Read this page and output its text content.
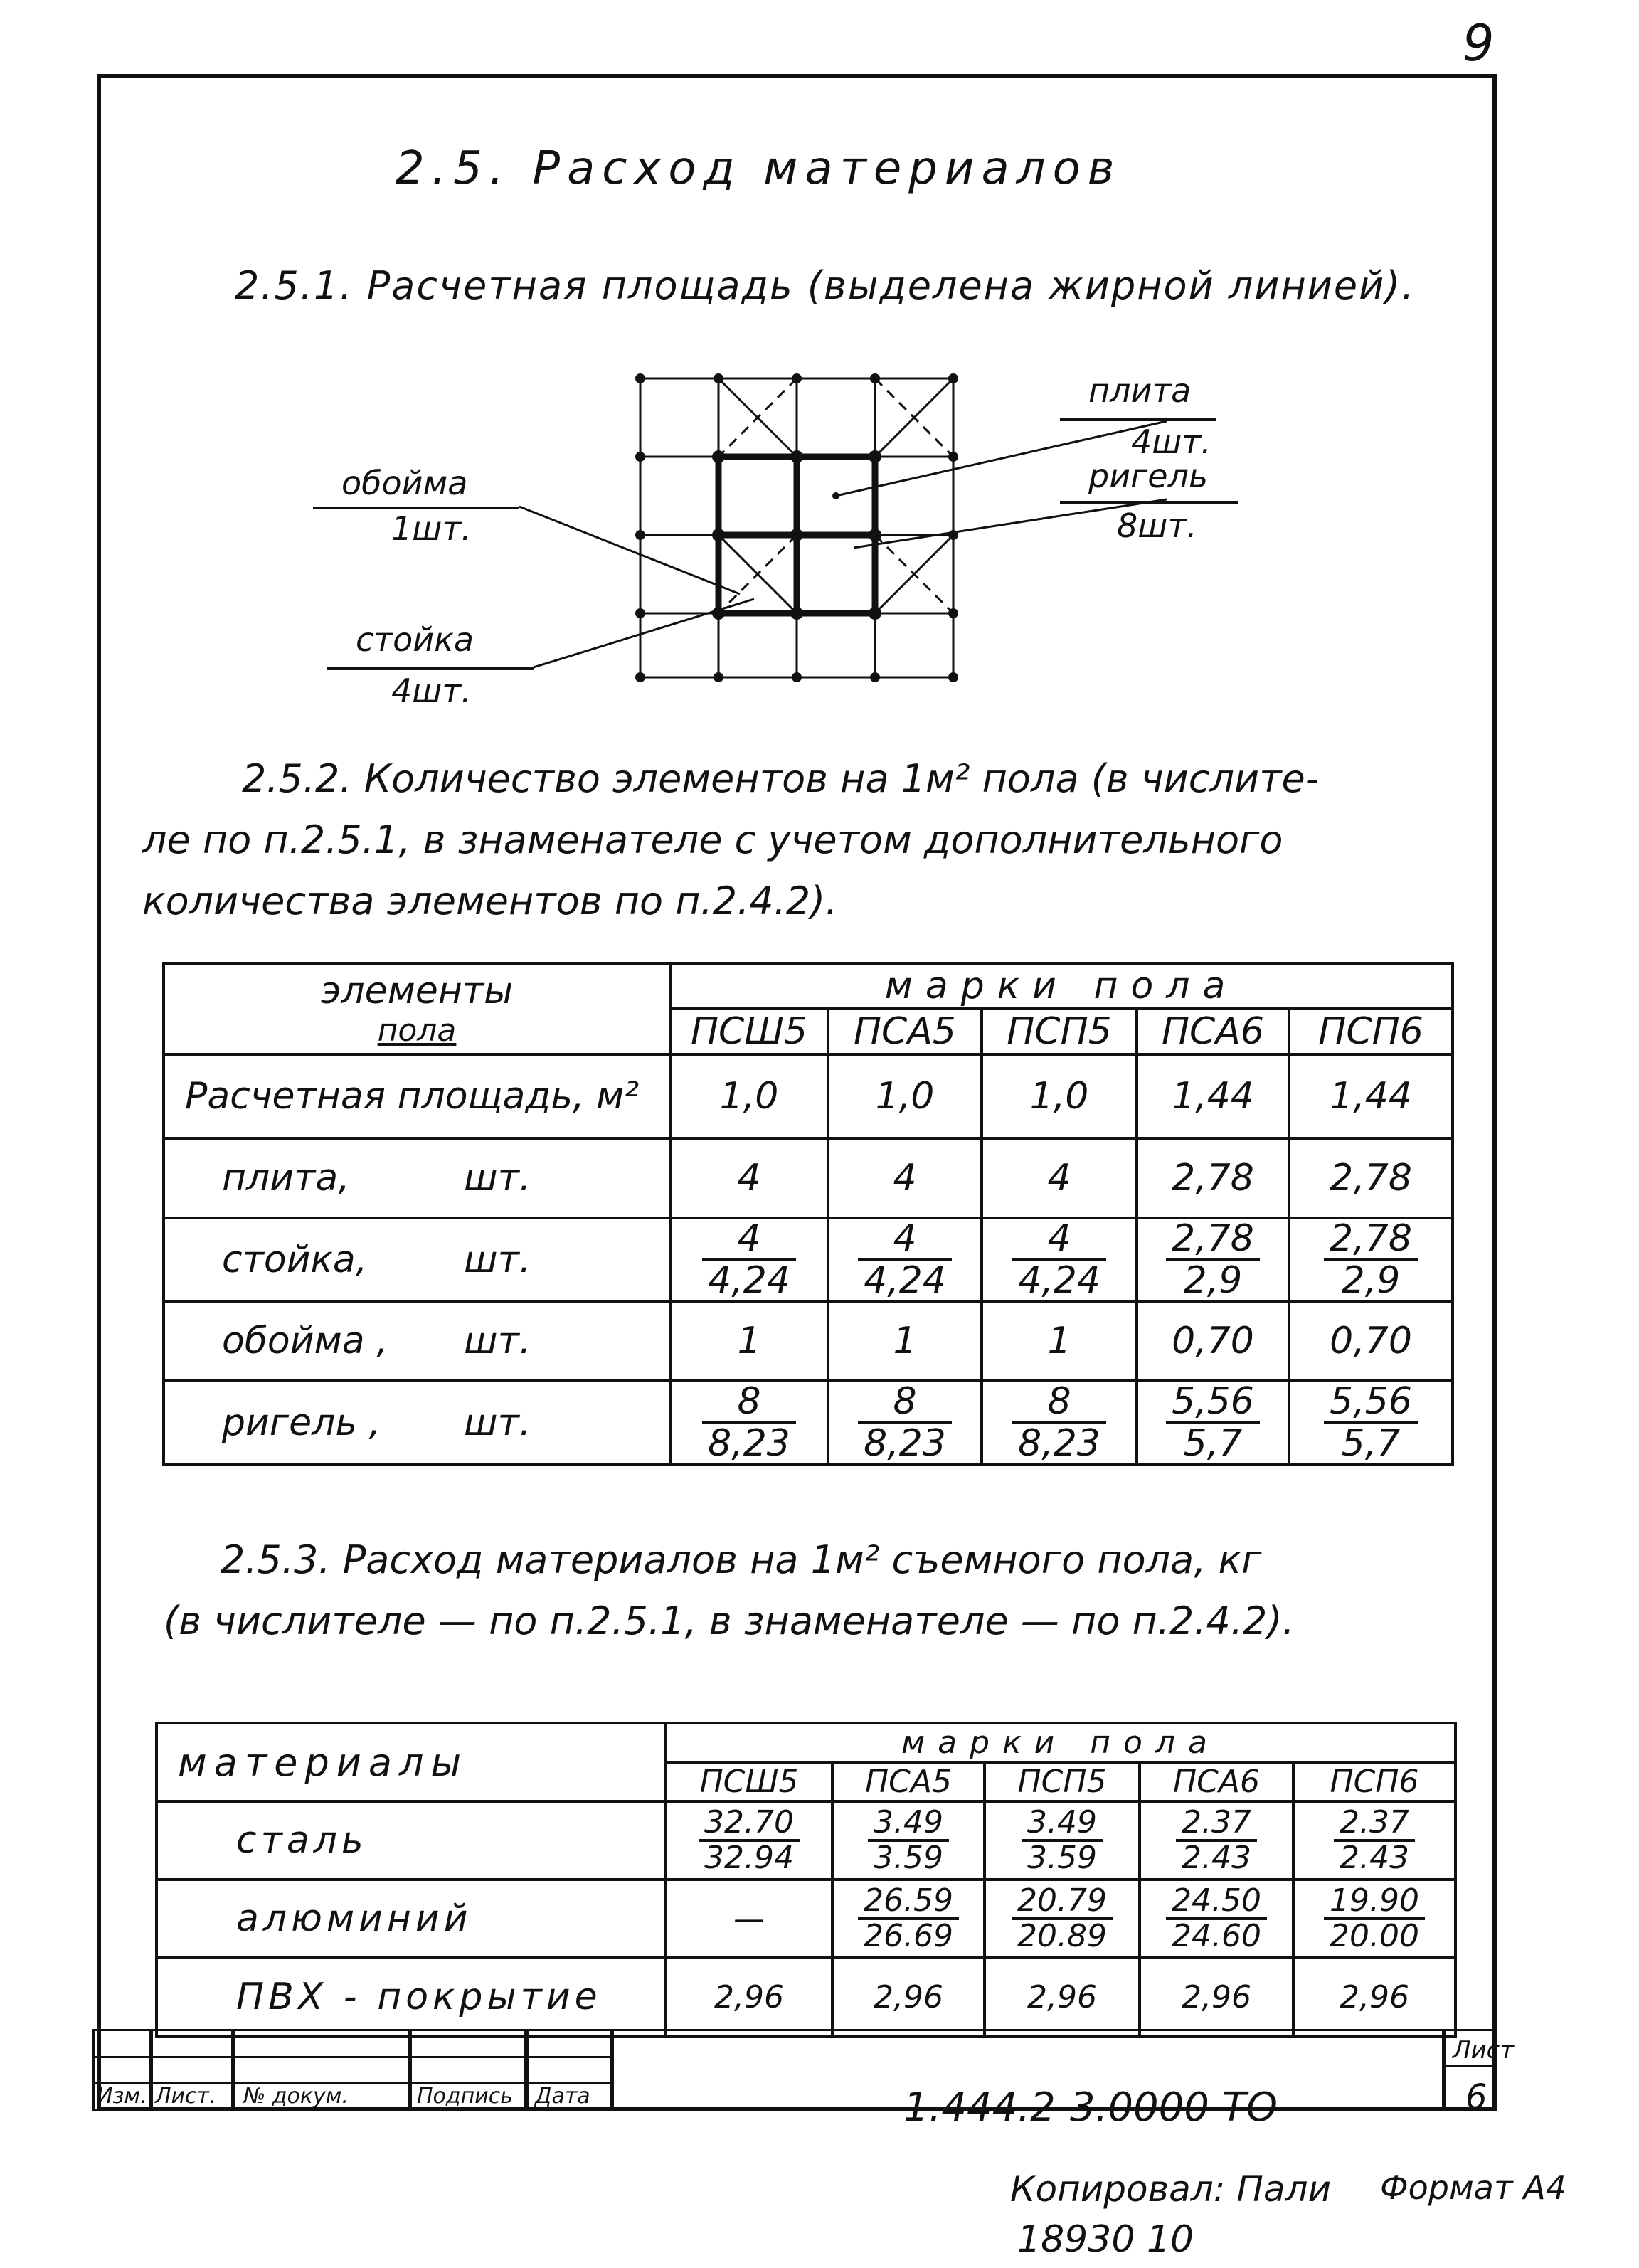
9
2.5. Расход материалов
2.5.1. Расчетная площадь (выделена жирной линией).
плита
4шт.
ригель
8шт.
обойма
1шт.
стойка
4шт.
2.5.2. Количество элементов на 1м² пола (в числите-
ле по п.2.5.1, в знаменателе с учетом дополнительного
количества элементов по п.2.4.2).
элементы
пола	марки пола				
	ПСШ5	ПСА5	ПСП5	ПСА6	ПСП6
Расчетная площадь, м²	1,0	1,0	1,0	1,44	1,44
плита, шт.	4	4	4	2,78	2,78
стойка, шт.	$\frac{4}{4,24}$	$\frac{4}{4,24}$	$\frac{4}{4,24}$	$\frac{2,78}{2,9}$	$\frac{2,78}{2,9}$

обойма , шт.	1	1	1	0,70	0,70
ригель , шт.	$\frac{8}{8,23}$	$\frac{8}{8,23}$	$\frac{8}{8,23}$	$\frac{5,56}{5,7}$	$\frac{5,56}{5,7}$
2.5.3. Расход материалов на 1м² съемного пола, кг
(в числителе — по п.2.5.1, в знаменателе — по п.2.4.2).
материалы	марки пола				
	ПСШ5	ПСА5	ПСП5	ПСА6	ПСП6
сталь	$\frac{32.70}{32.94}$	$\frac{3.49}{3.59}$	$\frac{3.49}{3.59}$	$\frac{2.37}{2.43}$	$\frac{2.37}{2.43}$

алюминий	—	$\frac{26.59}{26.69}$	$\frac{20.79}{20.89}$	$\frac{24.50}{24.60}$	$\frac{19.90}{20.00}$

ПВХ - покрытие	2,96	2,96	2,96	2,96	2,96
Изм. Лист. № докум.	Подпись Дата	1.444.2-3.0000 ТО
Лист
6
Копировал: Пали Формат А4
18930 10
